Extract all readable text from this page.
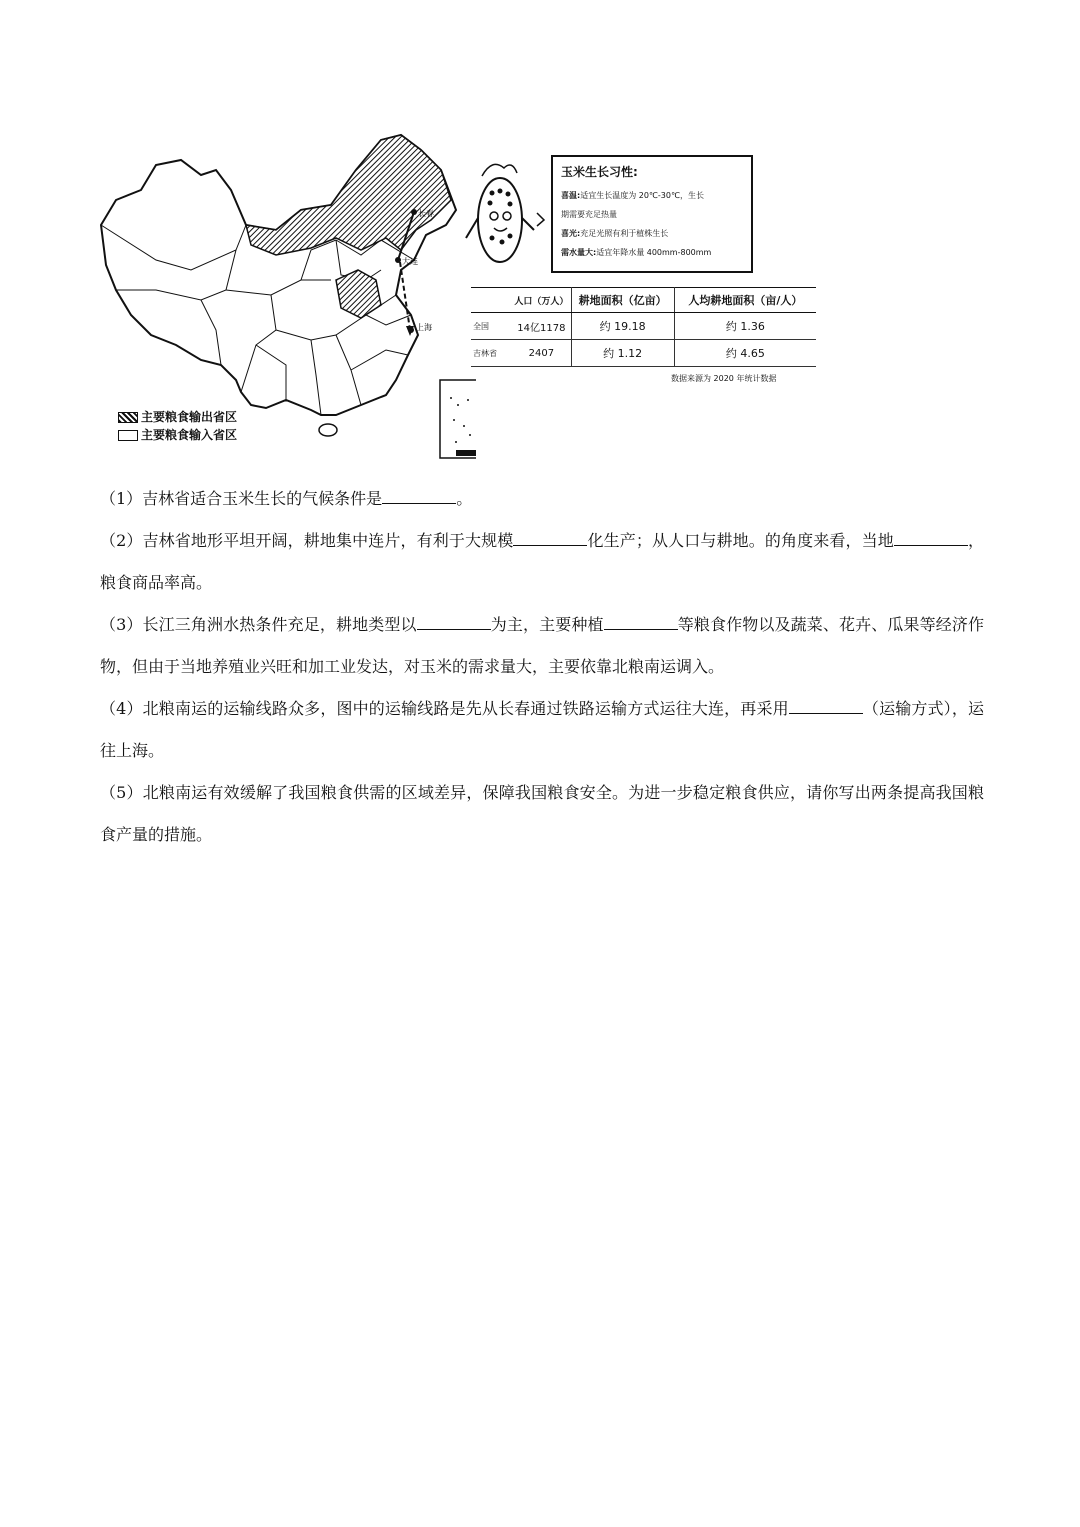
长春
大连
上海
主要粮食输出省区
主要粮食输入省区
玉米生长习性:
喜温:适宜生长温度为 20℃-30℃，生长
期需要充足热量
喜光:充足光照有利于植株生长
需水量大:适宜年降水量 400mm-800mm
	人口（万人）	耕地面积（亿亩）	人均耕地面积（亩/人）
全国	14亿1178	约 19.18	约 1.36
吉林省	2407	约 1.12	约 4.65
数据来源为 2020 年统计数据

（1）吉林省适合玉米生长的气候条件是	。

（2）吉林省地形平坦开阔，耕地集中连片，有利于大规模	化生产；从人口与耕地。的角度来看，当地	，粮食商品率高。

（3）长江三角洲水热条件充足，耕地类型以	为主，主要种植	等粮食作物以及蔬菜、花卉、瓜果等经济作物，但由于当地养殖业兴旺和加工业发达，对玉米的需求量大，主要依靠北粮南运调入。

（4）北粮南运的运输线路众多，图中的运输线路是先从长春通过铁路运输方式运往大连，再采用	（运输方式），运往上海。

（5）北粮南运有效缓解了我国粮食供需的区域差异，保障我国粮食安全。为进一步稳定粮食供应，请你写出两条提高我国粮食产量的措施。
